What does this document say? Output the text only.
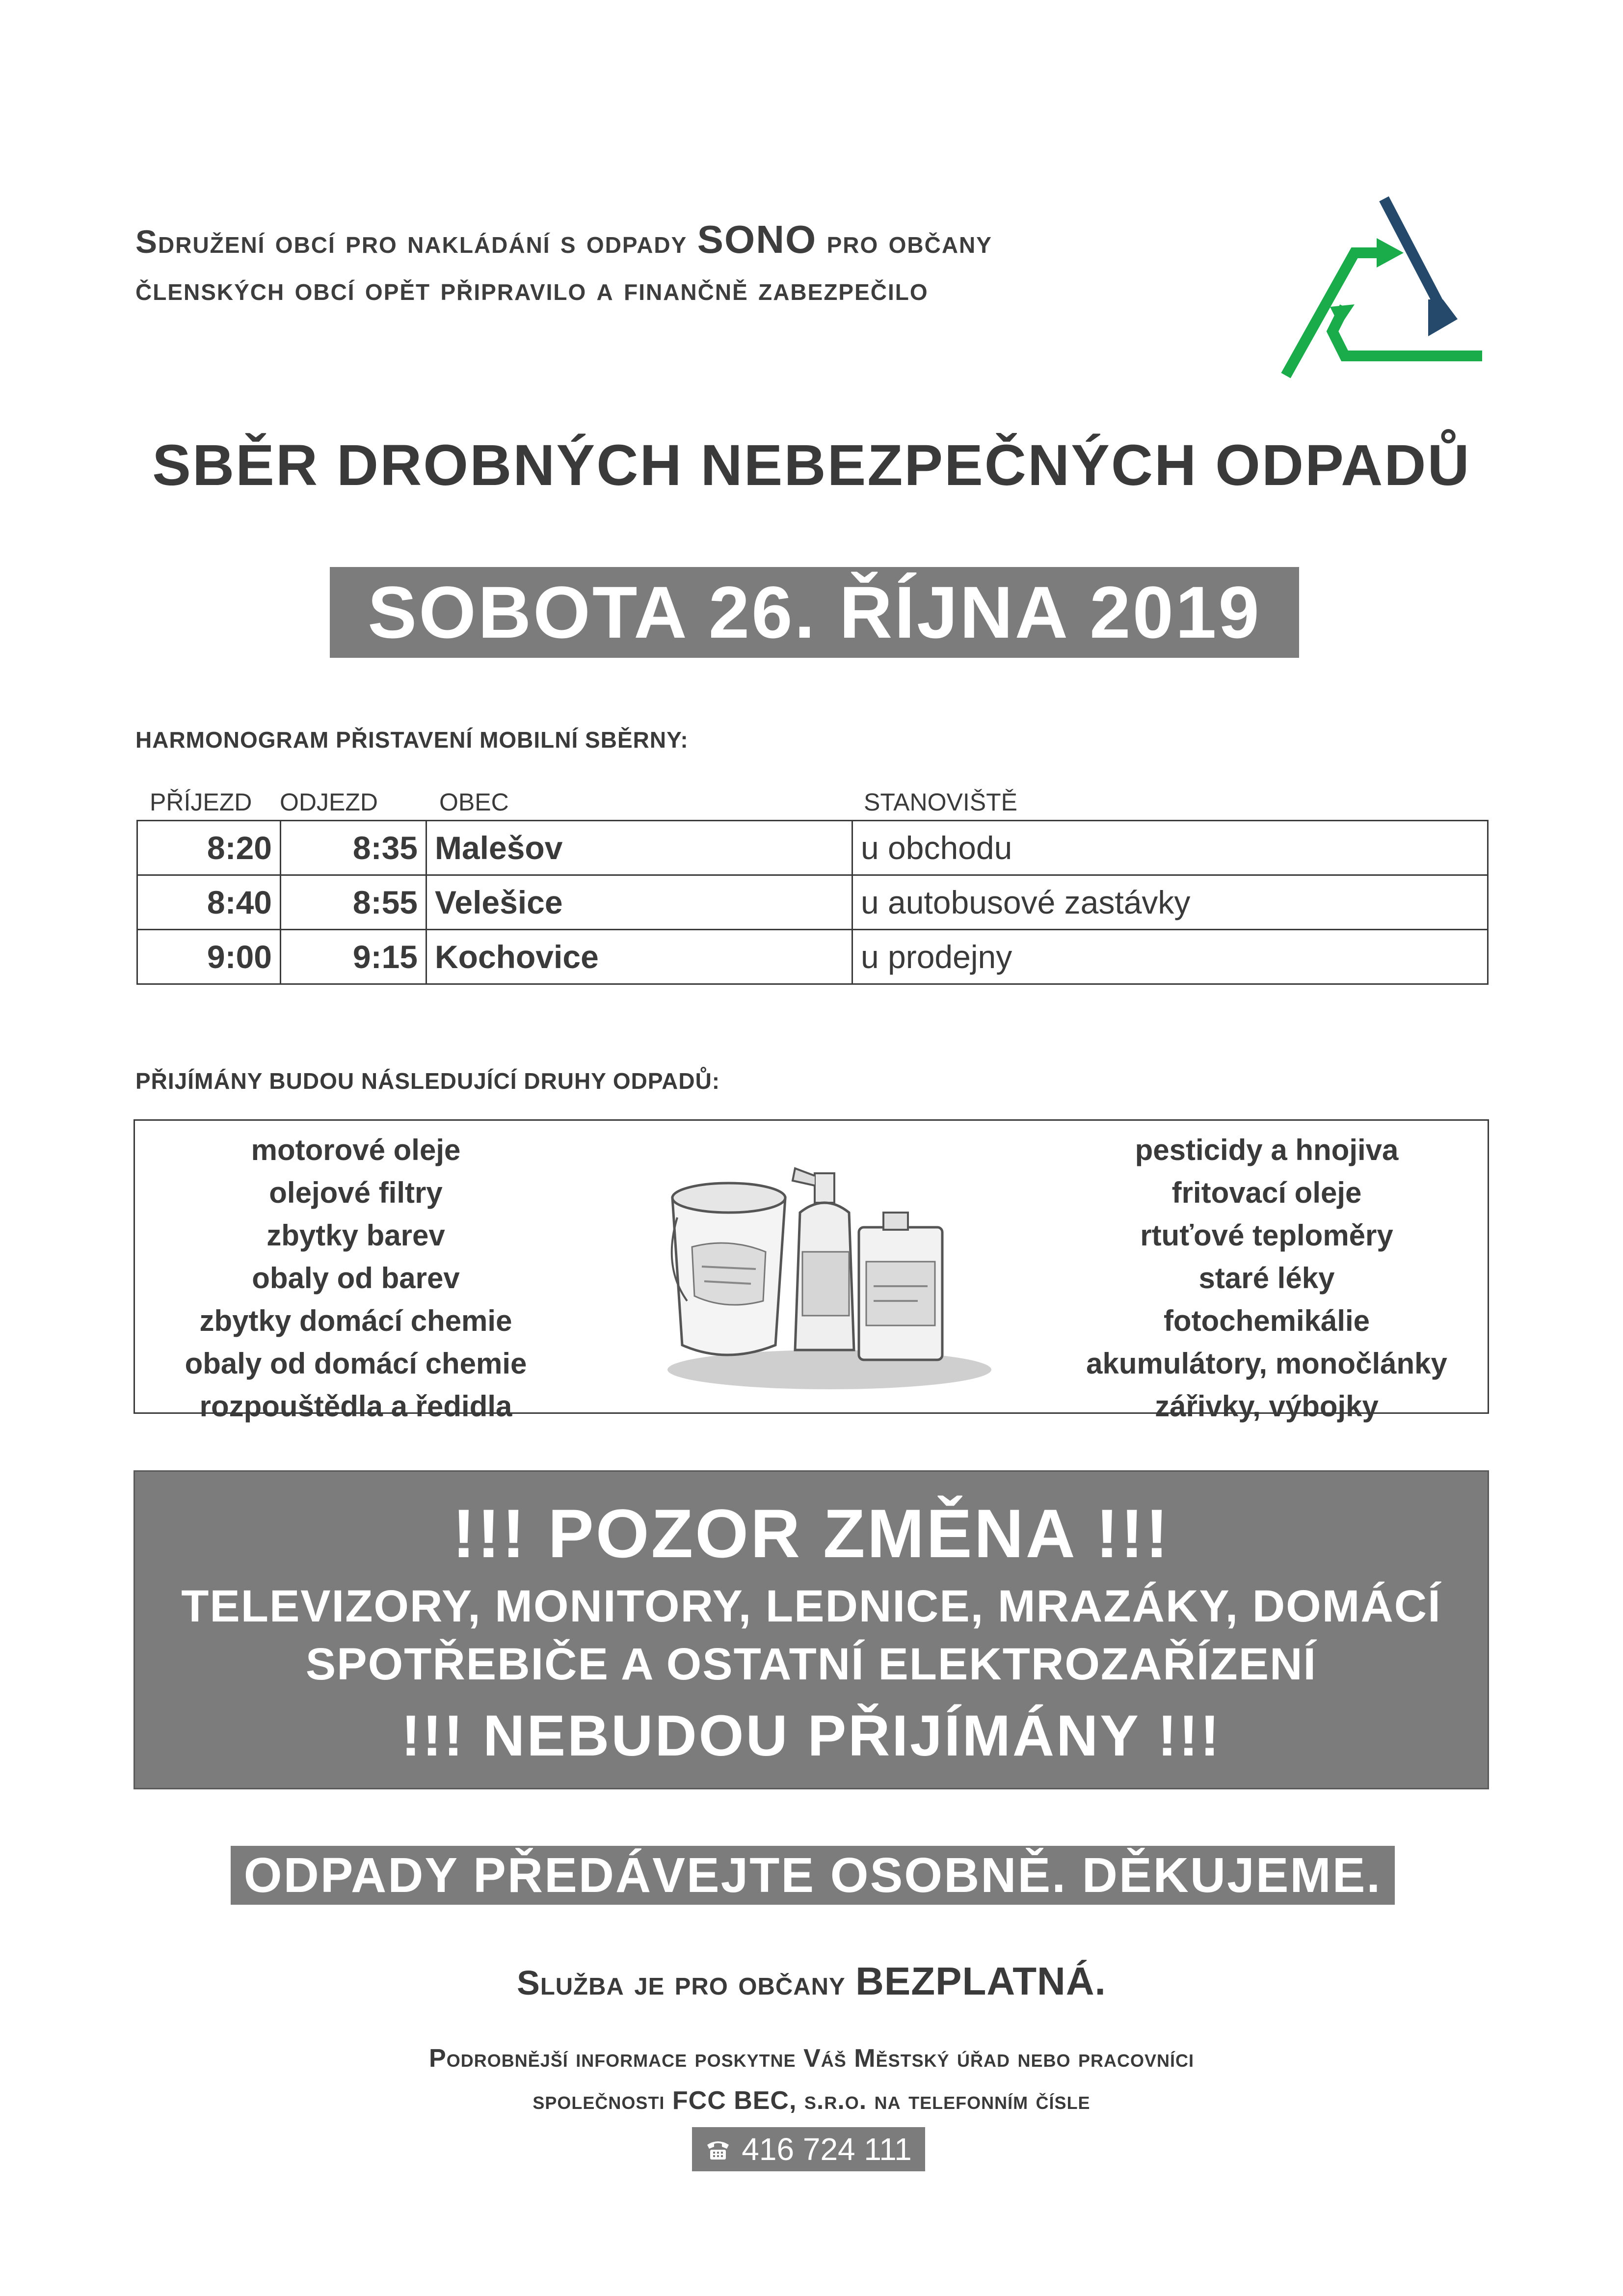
Sdružení obcí pro nakládání s odpady SONO pro občany
členských obcí opět připravilo a finančně zabezpečilo
SBĚR DROBNÝCH NEBEZPEČNÝCH ODPADŮ
SOBOTA 26. ŘÍJNA 2019
HARMONOGRAM PŘISTAVENÍ MOBILNÍ SBĚRNY:
PŘÍJEZD ODJEZD	OBEC	STANOVIŠTĚ
8:20	8:35	Malešov	u obchodu
8:40	8:55	Velešice	u autobusové zastávky
9:00	9:15	Kochovice	u prodejny
PŘIJÍMÁNY BUDOU NÁSLEDUJÍCÍ DRUHY ODPADŮ:
motorové oleje
olejové filtry
zbytky barev
obaly od barev
zbytky domácí chemie
obaly od domácí chemie
rozpouštědla a ředidla
pesticidy a hnojiva
fritovací oleje
rtuťové teploměry
staré léky
fotochemikálie
akumulátory, monočlánky
zářivky, výbojky
!!! POZOR ZMĚNA !!!
TELEVIZORY, MONITORY, LEDNICE, MRAZÁKY, DOMÁCÍ
SPOTŘEBIČE A OSTATNÍ ELEKTROZAŘÍZENÍ
!!! NEBUDOU PŘIJÍMÁNY !!!
ODPADY PŘEDÁVEJTE OSOBNĚ. DĚKUJEME.
Služba je pro občany BEZPLATNÁ.
Podrobnější informace poskytne Váš Městský úřad nebo pracovníci
společnosti FCC BEC, s.r.o. na telefonním čísle
416 724 111
